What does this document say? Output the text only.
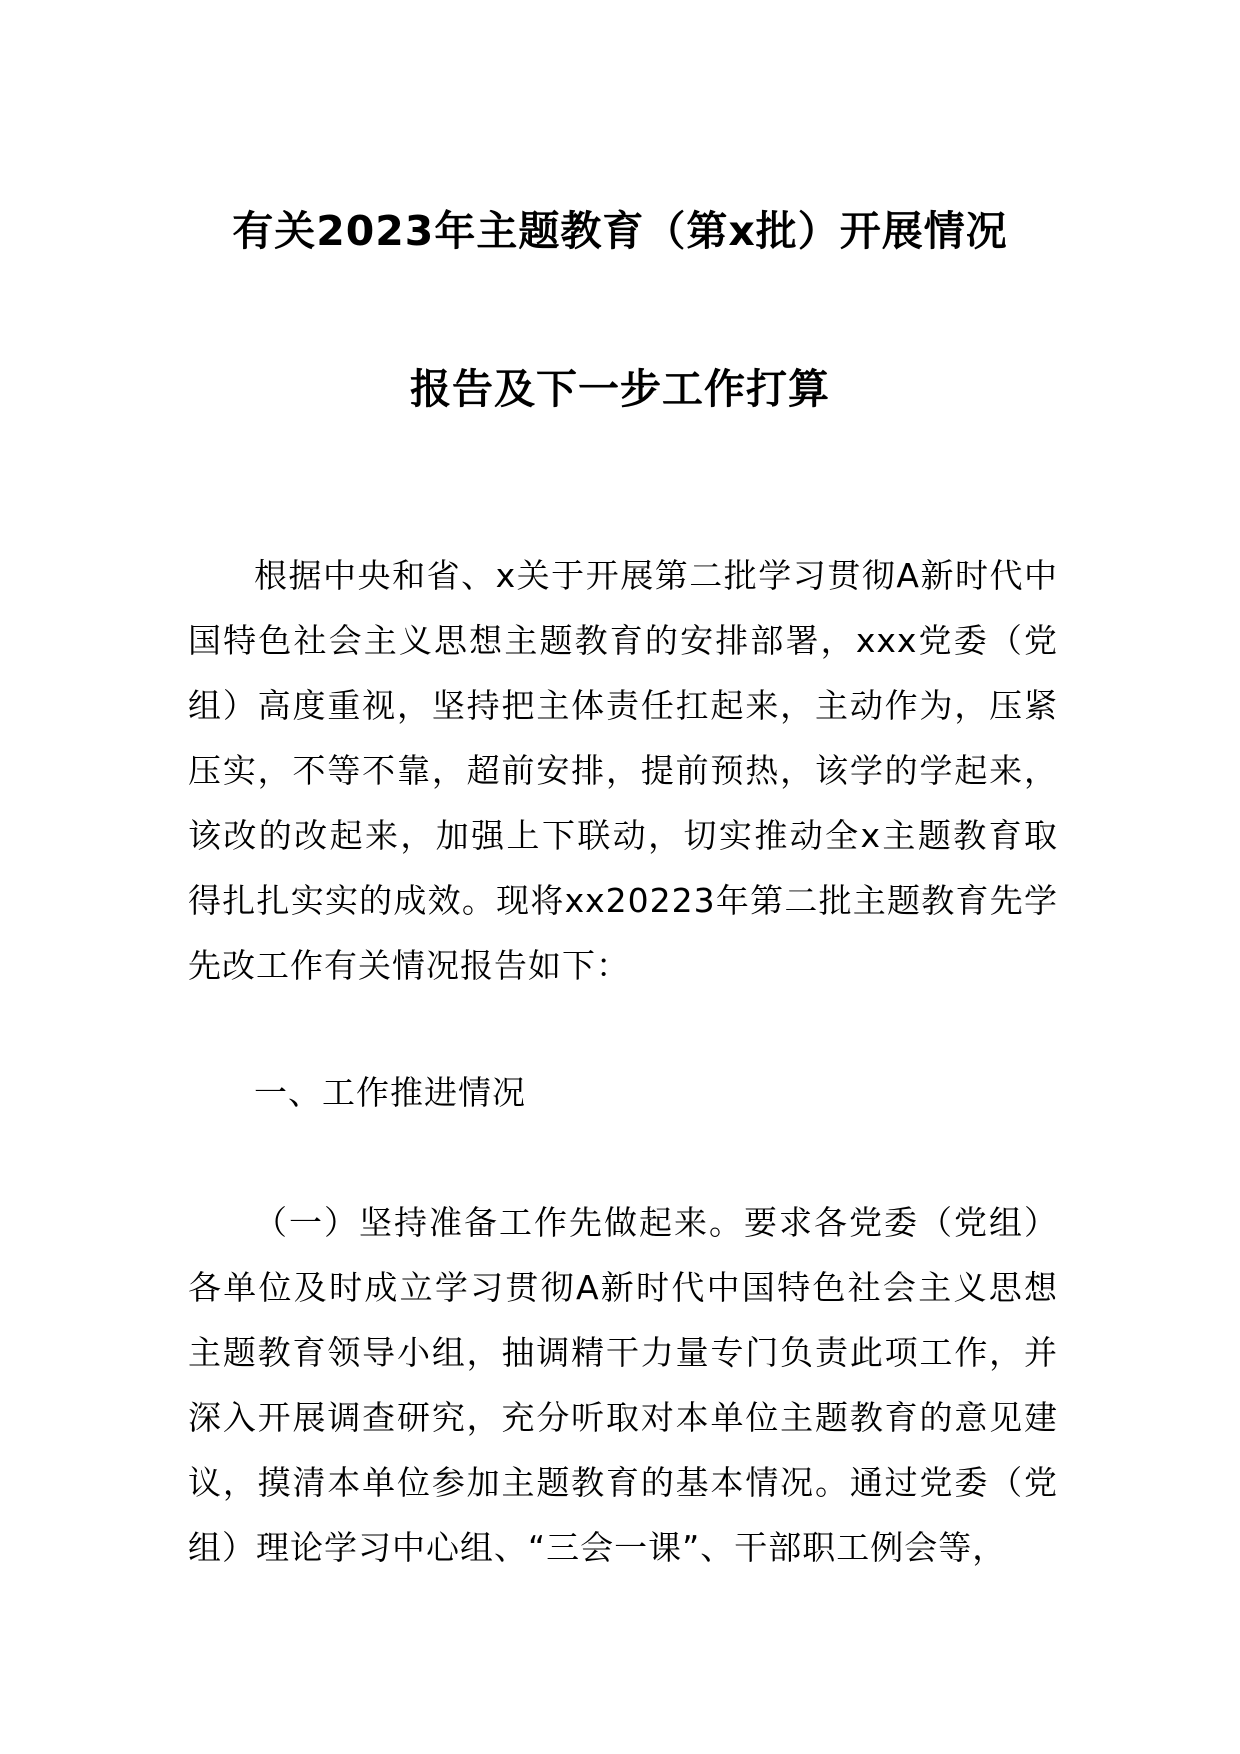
有关2023年主题教育（第x批）开展情况
报告及下一步工作打算

根据中央和省、x关于开展第二批学习贯彻A新时代中国特色社会主义思想主题教育的安排部署，xxx党委（党组）高度重视，坚持把主体责任扛起来，主动作为，压紧压实，不等不靠，超前安排，提前预热，该学的学起来，该改的改起来，加强上下联动，切实推动全x主题教育取得扎扎实实的成效。现将xx20223年第二批主题教育先学先改工作有关情况报告如下：

一、工作推进情况

（一）坚持准备工作先做起来。要求各党委（党组）各单位及时成立学习贯彻A新时代中国特色社会主义思想主题教育领导小组，抽调精干力量专门负责此项工作，并深入开展调查研究，充分听取对本单位主题教育的意见建议，摸清本单位参加主题教育的基本情况。通过党委（党组）理论学习中心组、“三会一课”、干部职工例会等，
